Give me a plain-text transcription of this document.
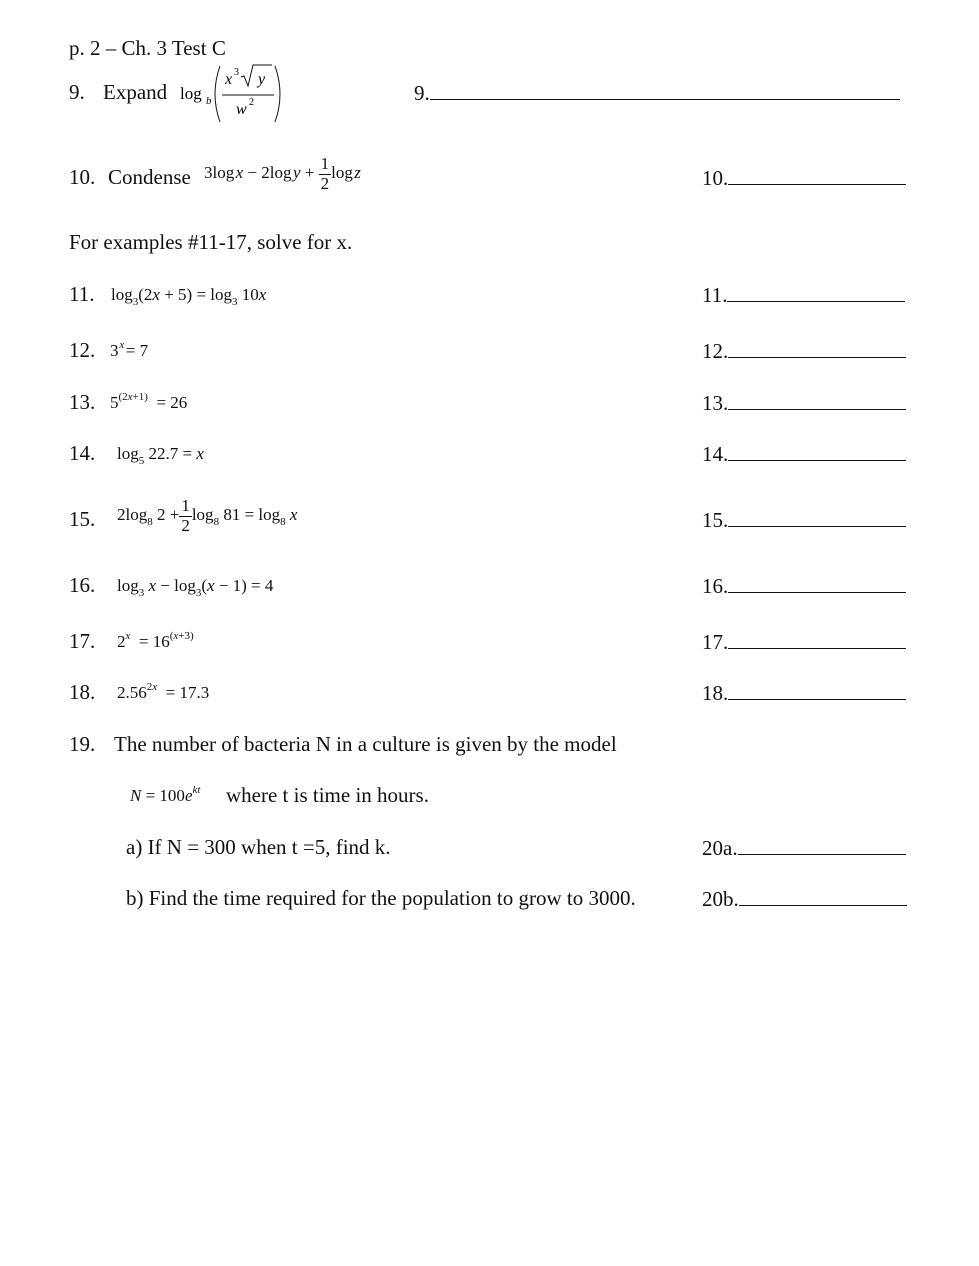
p. 2 – Ch. 3 Test C
9. Expand log b
x 3 y
w 2	9.
10. Condense 3log x − 2log $y + \frac{1}{2}$ log z	10.
For examples #11-17, solve for x.
11. $\log_3(2x + 5) = \log_3 10x$	11.
12. 3 $^x$ = 7	12.
13. $5^{(2x+1)} = 26$	13.
14. $\log_5 22.7 = x$	14.
15. $2\log_8$ $2 + \frac{1}{2} \log_8 81 = \log_8 x$	15.
16. $\log_3 x - \log_3(x - 1) = 4$	16.
17. $2^x = 16^{(x+3)}$	17.
18. $2.56^{2x} = 17.3$	18.
19. The number of bacteria N in a culture is given by the model
$N = 100e^{kt}$ where t is time in hours.
a) If N = 300 when t =5, find k.	20a.
b) Find the time required for the population to grow to 3000.	20b.
